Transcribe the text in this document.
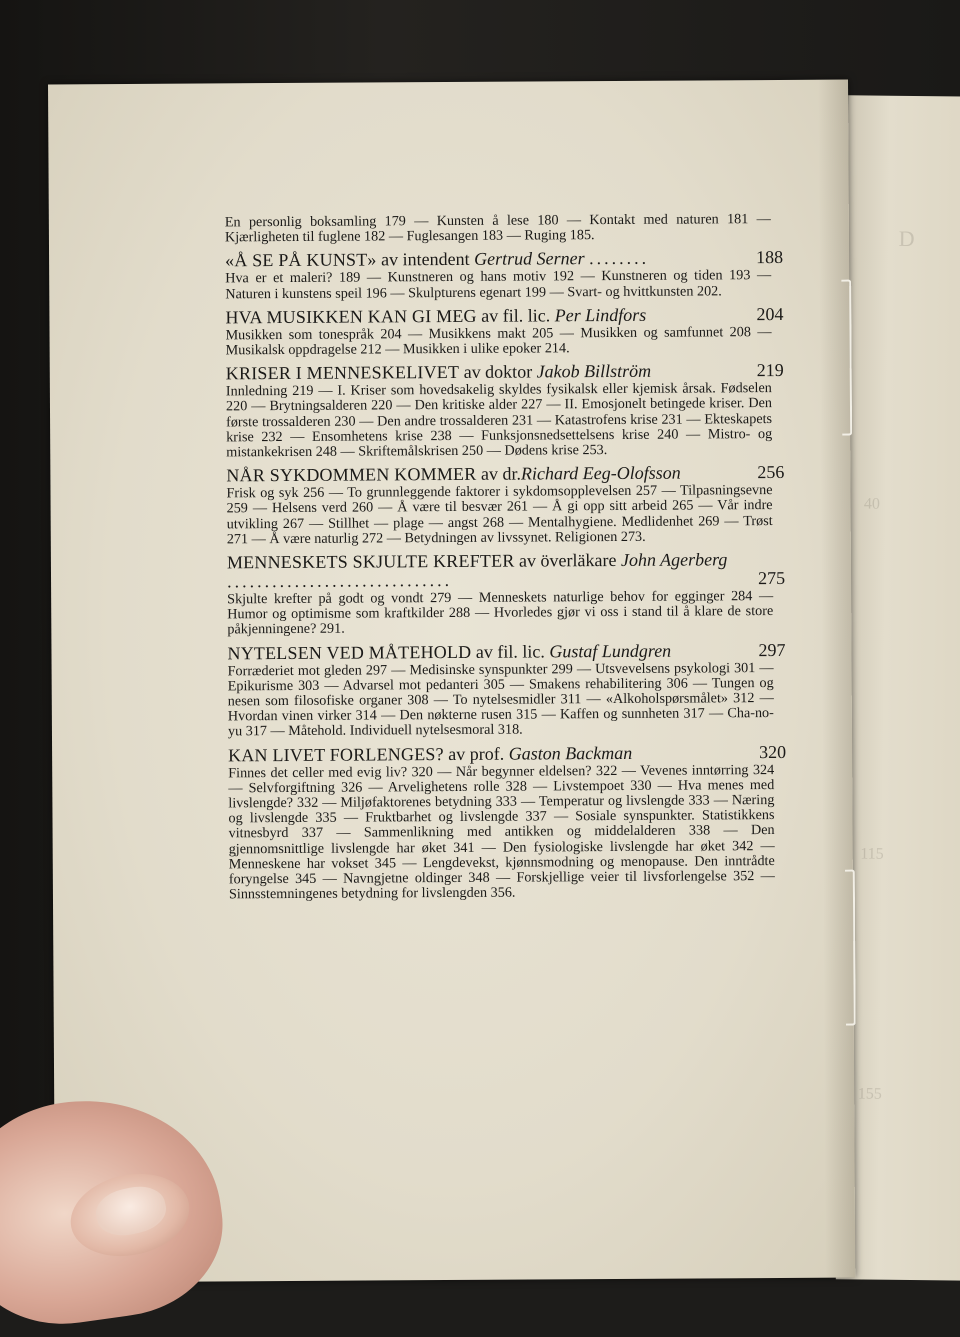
D
40
115
155
En personlig boksamling 179 — Kunsten å lese 180 — Kontakt med naturen 181 — Kjærligheten til fuglene 182 — Fuglesangen 183 — Ruging 185.
«Å SE PÅ KUNST» av intendent Gertrud Serner ........	188
Hva er et maleri? 189 — Kunstneren og hans motiv 192 — Kunstneren og tiden 193 — Naturen i kunstens speil 196 — Skulpturens egenart 199 — Svart- og hvittkunsten 202.
HVA MUSIKKEN KAN GI MEG av fil. lic. Per Lindfors	204
Musikken som tonespråk 204 — Musikkens makt 205 — Musikken og samfunnet 208 — Musikalsk oppdragelse 212 — Musikken i ulike epoker 214.
KRISER I MENNESKELIVET av doktor Jakob Billström	219
Innledning 219 — I. Kriser som hovedsakelig skyldes fysikalsk eller kjemisk årsak. Fødselen 220 — Brytningsalderen 220 — Den kritiske alder 227 — II. Emosjonelt betingede kriser. Den første trossalderen 230 — Den andre trossalderen 231 — Katastrofens krise 231 — Ekteskapets krise 232 — Ensomhetens krise 238 — Funksjonsnedsettelsens krise 240 — Mistro- og mistankekrisen 248 — Skriftemålskrisen 250 — Dødens krise 253.
NÅR SYKDOMMEN KOMMER av dr.Richard Eeg-Olofsson	256
Frisk og syk 256 — To grunnleggende faktorer i sykdomsopplevelsen 257 — Tilpasningsevne 259 — Helsens verd 260 — Å være til besvær 261 — Å gi opp sitt arbeid 265 — Vår indre utvikling 267 — Stillhet — plage — angst 268 — Mentalhygiene. Medlidenhet 269 — Trøst 271 — Å være naturlig 272 — Betydningen av livssynet. Religionen 273.
MENNESKETS SKJULTE KREFTER av överläkare John Agerberg ..............................	275
Skjulte krefter på godt og vondt 279 — Menneskets naturlige behov for egginger 284 — Humor og optimisme som kraftkilder 288 — Hvorledes gjør vi oss i stand til å klare de store påkjenningene? 291.
NYTELSEN VED MÅTEHOLD av fil. lic. Gustaf Lundgren	297
Forræderiet mot gleden 297 — Medisinske synspunkter 299 — Utsvevelsens psykologi 301 — Epikurisme 303 — Advarsel mot pedanteri 305 — Smakens rehabilitering 306 — Tungen og nesen som filosofiske organer 308 — To nytelsesmidler 311 — «Alkoholspørsmålet» 312 — Hvordan vinen virker 314 — Den nøkterne rusen 315 — Kaffen og sunnheten 317 — Cha-no-yu 317 — Måtehold. Individuell nytelsesmoral 318.
KAN LIVET FORLENGES? av prof. Gaston Backman	320
Finnes det celler med evig liv? 320 — Når begynner eldelsen? 322 — Vevenes inntørring 324 — Selvforgiftning 326 — Arvelighetens rolle 328 — Livstempoet 330 — Hva menes med livslengde? 332 — Miljøfaktorenes betydning 333 — Temperatur og livslengde 333 — Næring og livslengde 335 — Fruktbarhet og livslengde 337 — Sosiale synspunkter. Statistikkens vitnesbyrd 337 — Sammenlikning med antikken og middelalderen 338 — Den gjennomsnittlige livslengde har øket 341 — Den fysiologiske livslengde har øket 342 — Menneskene har vokset 345 — Lengdevekst, kjønnsmodning og menopause. Den inntrådte foryngelse 345 — Navngjetne oldinger 348 — Forskjellige veier til livsforlengelse 352 — Sinnsstemningenes betydning for livslengden 356.
